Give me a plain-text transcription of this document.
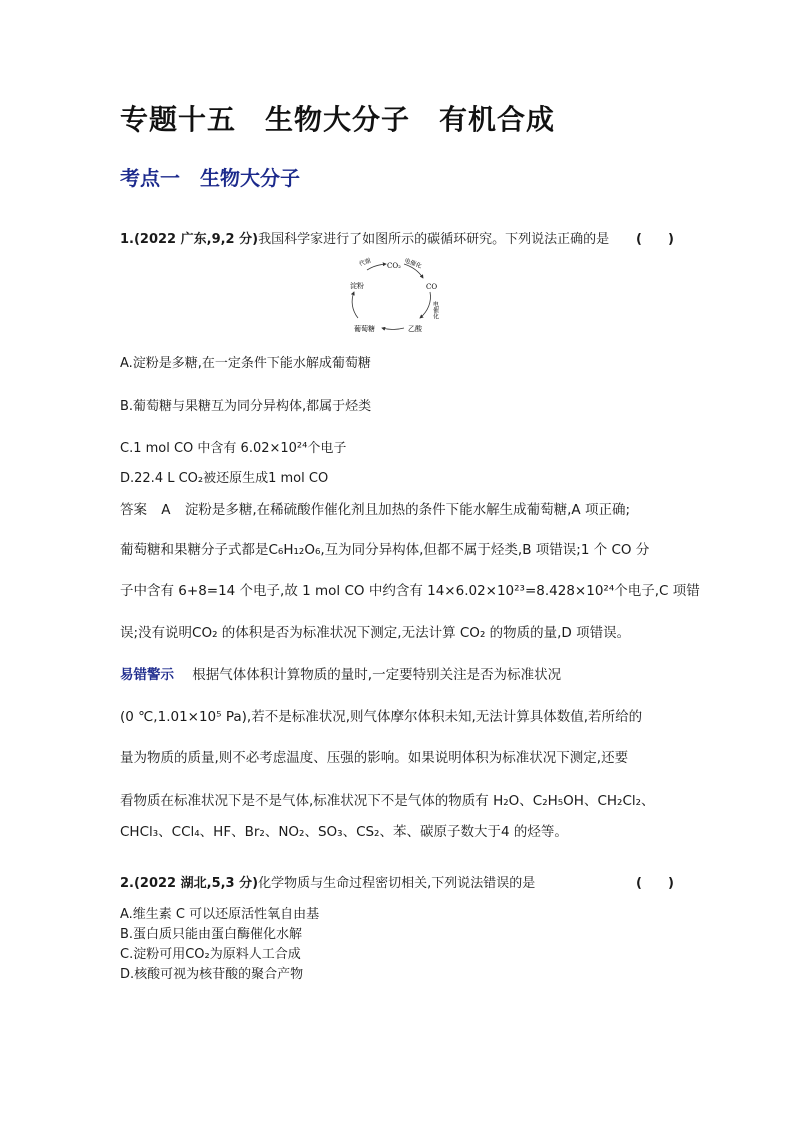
专题十五　生物大分子　有机合成
考点一　生物大分子
1.(2022 广东,9,2 分)我国科学家进行了如图所示的碳循环研究。下列说法正确的是 (　　)
CO₂
CO
乙酸
葡萄糖
淀粉
代谢	电催化
电催化
A.淀粉是多糖,在一定条件下能水解成葡萄糖
B.葡萄糖与果糖互为同分异构体,都属于烃类
C.1 mol CO 中含有 6.02×10²⁴个电子
D.22.4 L CO₂被还原生成1 mol CO
答案 A 淀粉是多糖,在稀硫酸作催化剂且加热的条件下能水解生成葡萄糖,A 项正确;
葡萄糖和果糖分子式都是C₆H₁₂O₆,互为同分异构体,但都不属于烃类,B 项错误;1 个 CO 分
子中含有 6+8=14 个电子,故 1 mol CO 中约含有 14×6.02×10²³=8.428×10²⁴个电子,C 项错
误;没有说明CO₂ 的体积是否为标准状况下测定,无法计算 CO₂ 的物质的量,D 项错误。
易错警示 根据气体体积计算物质的量时,一定要特别关注是否为标准状况
(0 ℃,1.01×10⁵ Pa),若不是标准状况,则气体摩尔体积未知,无法计算具体数值,若所给的
量为物质的质量,则不必考虑温度、压强的影响。如果说明体积为标准状况下测定,还要
看物质在标准状况下是不是气体,标准状况下不是气体的物质有 H₂O、C₂H₅OH、CH₂Cl₂、
CHCl₃、CCl₄、HF、Br₂、NO₂、SO₃、CS₂、苯、碳原子数大于4 的烃等。
2.(2022 湖北,5,3 分)化学物质与生命过程密切相关,下列说法错误的是	(　　)
A.维生素 C 可以还原活性氧自由基
B.蛋白质只能由蛋白酶催化水解
C.淀粉可用CO₂为原料人工合成
D.核酸可视为核苷酸的聚合产物
